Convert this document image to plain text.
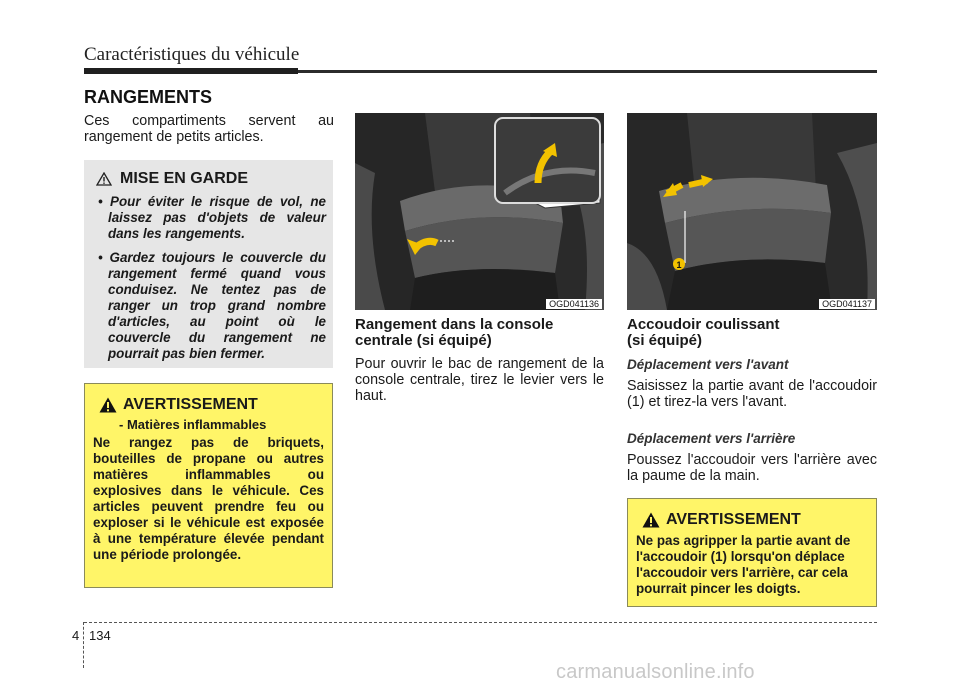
Caractéristiques du véhicule
RANGEMENTS
Ces compartiments servent au rangement de petits articles.
MISE EN GARDE
• Pour éviter le risque de vol, ne laissez pas d'objets de valeur dans les rangements.
• Gardez toujours le couvercle du rangement fermé quand vous conduisez. Ne tentez pas de ranger un trop grand nombre d'articles, au point où le couvercle du rangement ne pourrait pas bien fermer.
AVERTISSEMENT
- Matières inflammables
Ne rangez pas de briquets, bouteilles de propane ou autres matières inflammables ou explosives dans le véhicule. Ces articles peuvent prendre feu ou exploser si le véhicule est exposée à une température élevée pendant une période prolongée.
OGD041136
1
OGD041137
Rangement dans la console
centrale (si équipé)
Pour ouvrir le bac de rangement de la console centrale, tirez le levier vers le haut.
Accoudoir coulissant
(si équipé)
Déplacement vers l'avant
Saisissez la partie avant de l'accoudoir (1) et tirez-la vers l'avant.
Déplacement vers l'arrière
Poussez l'accoudoir vers l'arrière avec la paume de la main.
AVERTISSEMENT
Ne pas agripper la partie avant de l'accoudoir (1) lorsqu'on déplace l'accoudoir vers l'arrière, car cela pourrait pincer les doigts.
4 134
carmanualsonline.info
